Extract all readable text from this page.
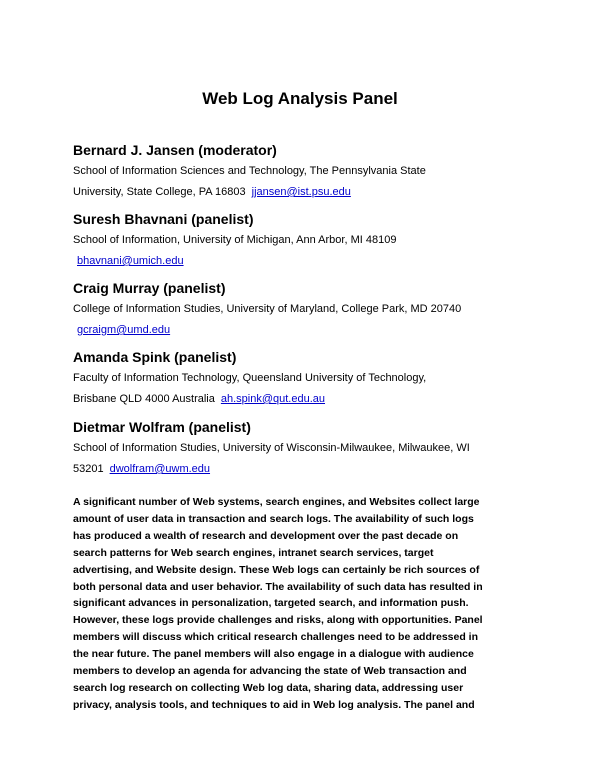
Web Log Analysis Panel

Bernard J. Jansen (moderator)

School of Information Sciences and Technology, The Pennsylvania State
University, State College, PA 16803 jjansen@ist.psu.edu

Suresh Bhavnani (panelist)

School of Information, University of Michigan, Ann Arbor, MI 48109
bhavnani@umich.edu

Craig Murray (panelist)

College of Information Studies, University of Maryland, College Park, MD 20740
gcraigm@umd.edu

Amanda Spink (panelist)

Faculty of Information Technology, Queensland University of Technology,
Brisbane QLD 4000 Australia ah.spink@qut.edu.au

Dietmar Wolfram (panelist)

School of Information Studies, University of Wisconsin-Milwaukee, Milwaukee, WI
53201 dwolfram@uwm.edu

A significant number of Web systems, search engines, and Websites collect large
amount of user data in transaction and search logs. The availability of such logs
has produced a wealth of research and development over the past decade on
search patterns for Web search engines, intranet search services, target
advertising, and Website design. These Web logs can certainly be rich sources of
both personal data and user behavior. The availability of such data has resulted in
significant advances in personalization, targeted search, and information push.
However, these logs provide challenges and risks, along with opportunities. Panel
members will discuss which critical research challenges need to be addressed in
the near future. The panel members will also engage in a dialogue with audience
members to develop an agenda for advancing the state of Web transaction and
search log research on collecting Web log data, sharing data, addressing user
privacy, analysis tools, and techniques to aid in Web log analysis. The panel and
